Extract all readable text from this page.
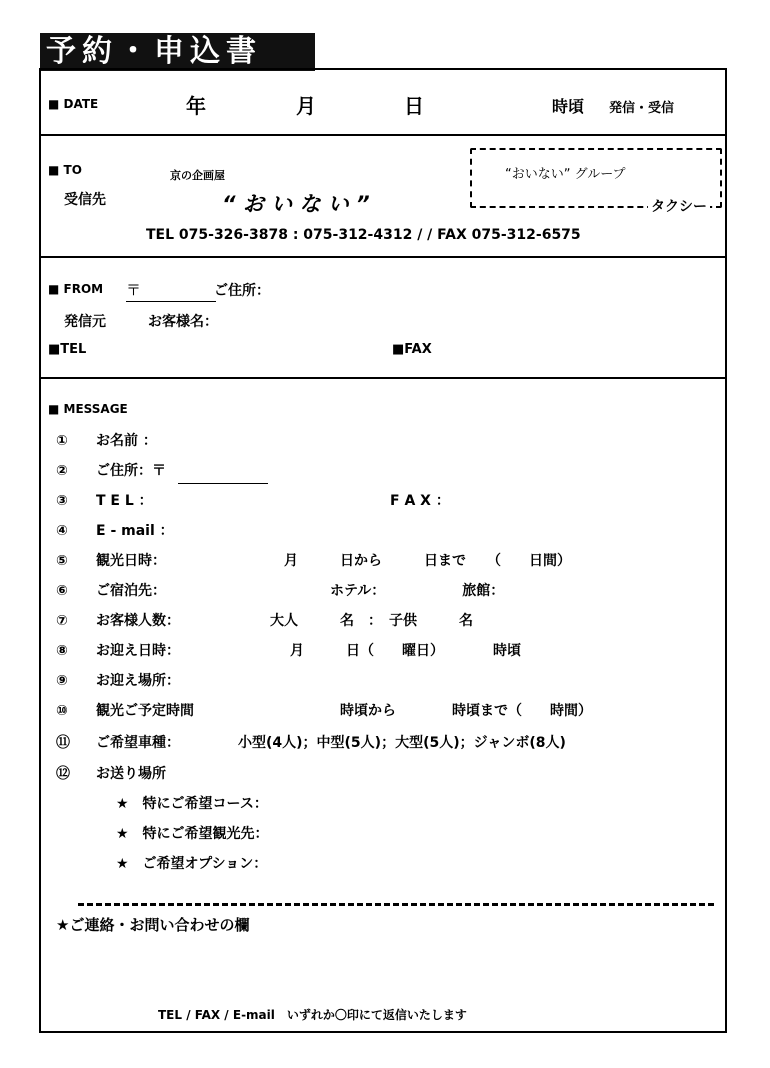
予約・申込書
■ DATE	年	月	日	時頃 発信・受信
■ TO
受信先
京の企画屋
“ お い な い ”
“おいないˮ グループ
タクシー
TEL 075-326-3878 : 075-312-4312 / / FAX 075-312-6575
■ FROM 〒	ご住所：
発信元	お客様名：
■TEL	■FAX
■ MESSAGE
① お名前 ：
② ご住所：〒
③ T E L ：	F A X ：
④ E - mail ：
⑤ 観光日時：	月　　　日から　　　日まで　　（　　日間）
⑥ ご宿泊先：	ホテル：　　　　　　旅館：
⑦ お客様人数：	大人　　　名　：　子供　　　名
⑧ お迎え日時：	月　　　日（　　曜日）　　　　時頃
⑨ お迎え場所：
⑩ 観光ご予定時間	時頃から　　　　時頃まで（　　時間）
⑪ ご希望車種：	小型(4人)；中型(5人)；大型(5人)；ジャンボ(8人)
⑫ お送り場所
★　特にご希望コース：
★　特にご希望観光先：
★　ご希望オプション：
★ご連絡・お問い合わせの欄
TEL / FAX / E-mail　いずれか〇印にて返信いたします
